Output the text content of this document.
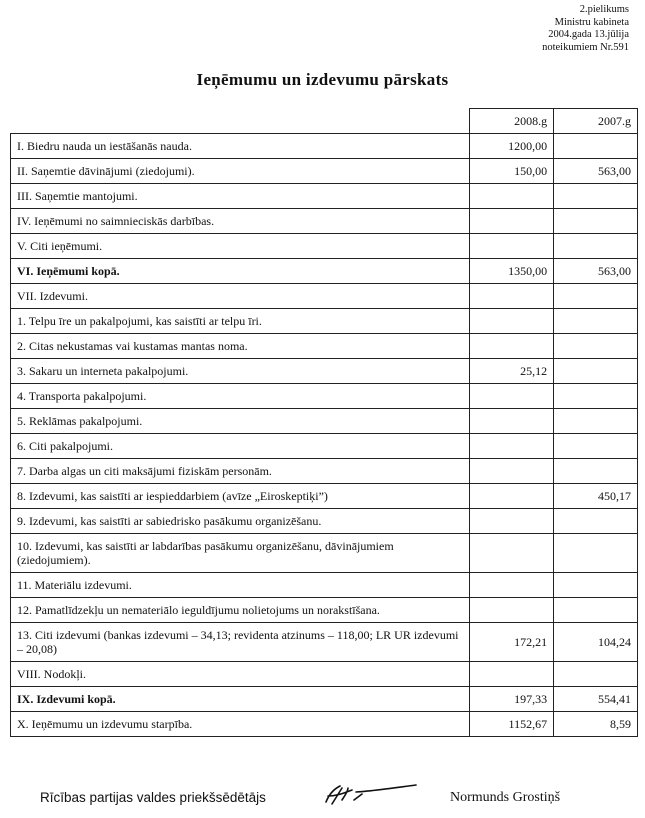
2.pielikums
Ministru kabineta
2004.gada 13.jūlija
noteikumiem Nr.591
Ieņēmumu un izdevumu pārskats
	2008.g	2007.g
I. Biedru nauda un iestāšanās nauda.	1200,00	
II. Saņemtie dāvinājumi (ziedojumi).	150,00	563,00
III. Saņemtie mantojumi.		
IV. Ieņēmumi no saimnieciskās darbības.		
V. Citi ieņēmumi.		
VI. Ieņēmumi kopā.	1350,00	563,00
VII. Izdevumi.		
1. Telpu īre un pakalpojumi, kas saistīti ar telpu īri.		
2. Citas nekustamas vai kustamas mantas noma.		
3. Sakaru un interneta pakalpojumi.	25,12	
4. Transporta pakalpojumi.		
5. Reklāmas pakalpojumi.		
6. Citi pakalpojumi.		
7. Darba algas un citi maksājumi fiziskām personām.		
8. Izdevumi, kas saistīti ar iespieddarbiem (avīze „Eiroskeptiķi”)		450,17
9. Izdevumi, kas saistīti ar sabiedrisko pasākumu organizēšanu.		
10. Izdevumi, kas saistīti ar labdarības pasākumu organizēšanu, dāvinājumiem (ziedojumiem).		
11. Materiālu izdevumi.		
12. Pamatlīdzekļu un nemateriālo ieguldījumu nolietojums un norakstīšana.		
13. Citi izdevumi (bankas izdevumi – 34,13; revidenta atzinums – 118,00; LR UR izdevumi – 20,08)	172,21	104,24
VIII. Nodokļi.		
IX. Izdevumi kopā.	197,33	554,41
X. Ieņēmumu un izdevumu starpība.	1152,67	8,59
Rīcības partijas valdes priekšsēdētājs	Normunds Grostiņš
